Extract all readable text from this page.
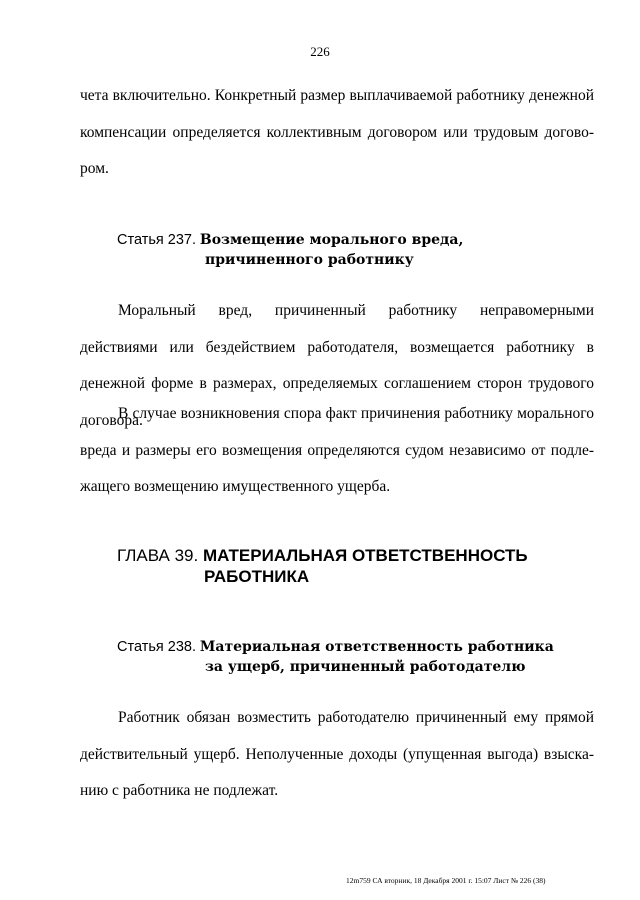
226

чета включительно. Конкретный размер выплачиваемой работнику денежной компенсации определяется коллективным договором или трудовым догово-ром.

Статья 237. Возмещение морального вреда,
причиненного работнику

Моральный вред, причиненный работнику неправомерными действиями или бездействием работодателя, возмещается работнику в денежной форме в размерах, определяемых соглашением сторон трудового договора.

В случае возникновения спора факт причинения работнику морального вреда и размеры его возмещения определяются судом независимо от подле-жащего возмещению имущественного ущерба.

ГЛАВА 39. МАТЕРИАЛЬНАЯ ОТВЕТСТВЕННОСТЬ
РАБОТНИКА
Статья 238. Материальная ответственность работника
за ущерб, причиненный работодателю

Работник обязан возместить работодателю причиненный ему прямой действительный ущерб. Неполученные доходы (упущенная выгода) взыска-нию с работника не подлежат.

12m759 СА вторник, 18 Декабря 2001 г. 15:07 Лист № 226 (38)
